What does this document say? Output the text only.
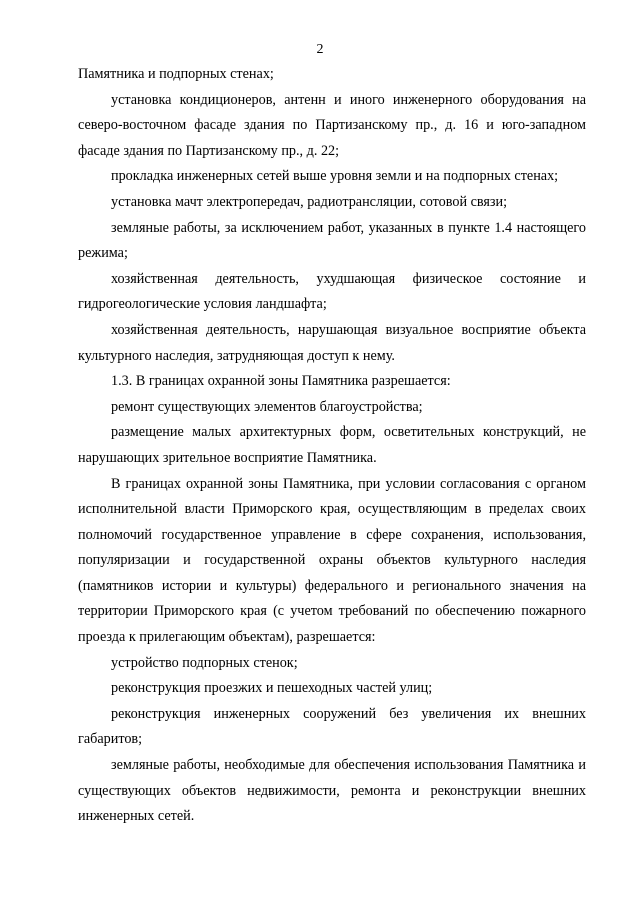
2

Памятника и подпорных стенах;

установка кондиционеров, антенн и иного инженерного оборудования на северо-восточном фасаде здания по Партизанскому пр., д. 16 и юго-западном фасаде здания по Партизанскому пр., д. 22;

прокладка инженерных сетей выше уровня земли и на подпорных стенах;

установка мачт электропередач, радиотрансляции, сотовой связи;

земляные работы, за исключением работ, указанных в пункте 1.4 настоящего режима;

хозяйственная деятельность, ухудшающая физическое состояние и гидрогеологические условия ландшафта;

хозяйственная деятельность, нарушающая визуальное восприятие объекта культурного наследия, затрудняющая доступ к нему.

1.3. В границах охранной зоны Памятника разрешается:

ремонт существующих элементов благоустройства;

размещение малых архитектурных форм, осветительных конструкций, не нарушающих зрительное восприятие Памятника.

В границах охранной зоны Памятника, при условии согласования с органом исполнительной власти Приморского края, осуществляющим в пределах своих полномочий государственное управление в сфере сохранения, использования, популяризации и государственной охраны объектов культурного наследия (памятников истории и культуры) федерального и регионального значения на территории Приморского края (с учетом требований по обеспечению пожарного проезда к прилегающим объектам), разрешается:

устройство подпорных стенок;

реконструкция проезжих и пешеходных частей улиц;

реконструкция инженерных сооружений без увеличения их внешних габаритов;

земляные работы, необходимые для обеспечения использования Памятника и существующих объектов недвижимости, ремонта и реконструкции внешних инженерных сетей.
